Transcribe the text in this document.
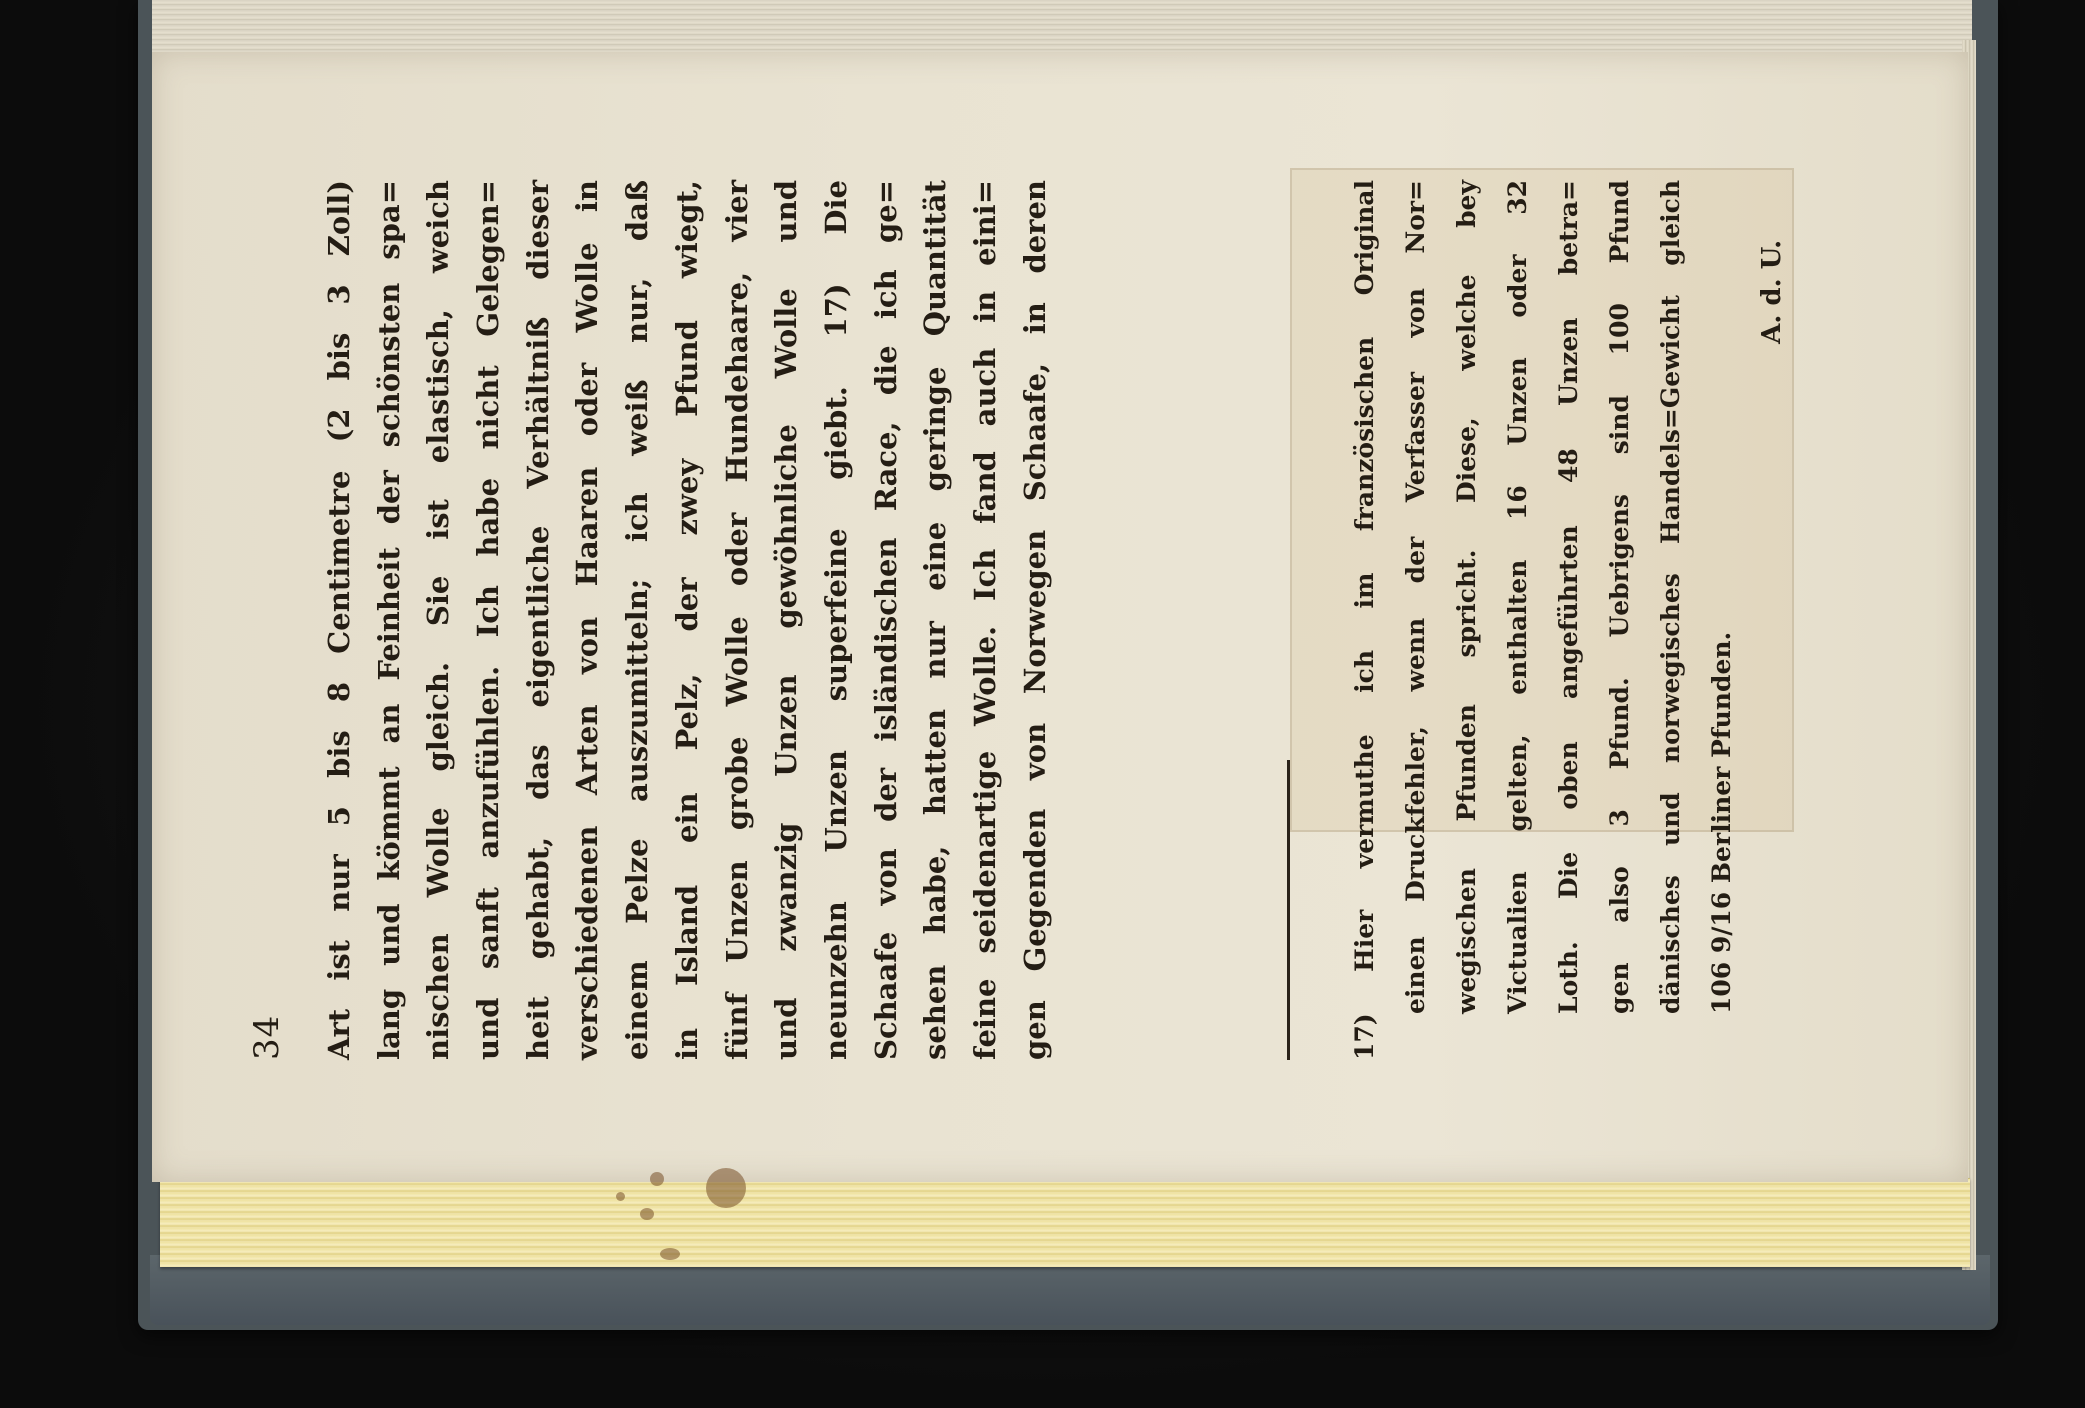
34 Art ist nur 5 bis 8 Centimetre (2 bis 3 Zoll) lang und kömmt an Feinheit der schönsten spa= nischen Wolle gleich. Sie ist elastisch, weich und sanft anzufühlen. Ich habe nicht Gelegen= heit gehabt, das eigentliche Verhältniß dieser verschiedenen Arten von Haaren oder Wolle in einem Pelze auszumitteln; ich weiß nur, daß in Island ein Pelz, der zwey Pfund wiegt, fünf Unzen grobe Wolle oder Hundehaare, vier und zwanzig Unzen gewöhnliche Wolle und neunzehn Unzen superfeine giebt. 17) Die Schaafe von der isländischen Race, die ich ge= sehen habe, hatten nur eine geringe Quantität feine seidenartige Wolle. Ich fand auch in eini= gen Gegenden von Norwegen Schaafe, in deren	17) Hier vermuthe ich im französischen Original einen Druckfehler, wenn der Verfasser von Nor= wegischen Pfunden spricht. Diese, welche bey Victualien gelten, enthalten 16 Unzen oder 32 Loth. Die oben angeführten 48 Unzen betra= gen also 3 Pfund. Uebrigens sind 100 Pfund dänisches und norwegisches Handels=Gewicht gleich 106 9/16 Berliner Pfunden.
A. d. U.
